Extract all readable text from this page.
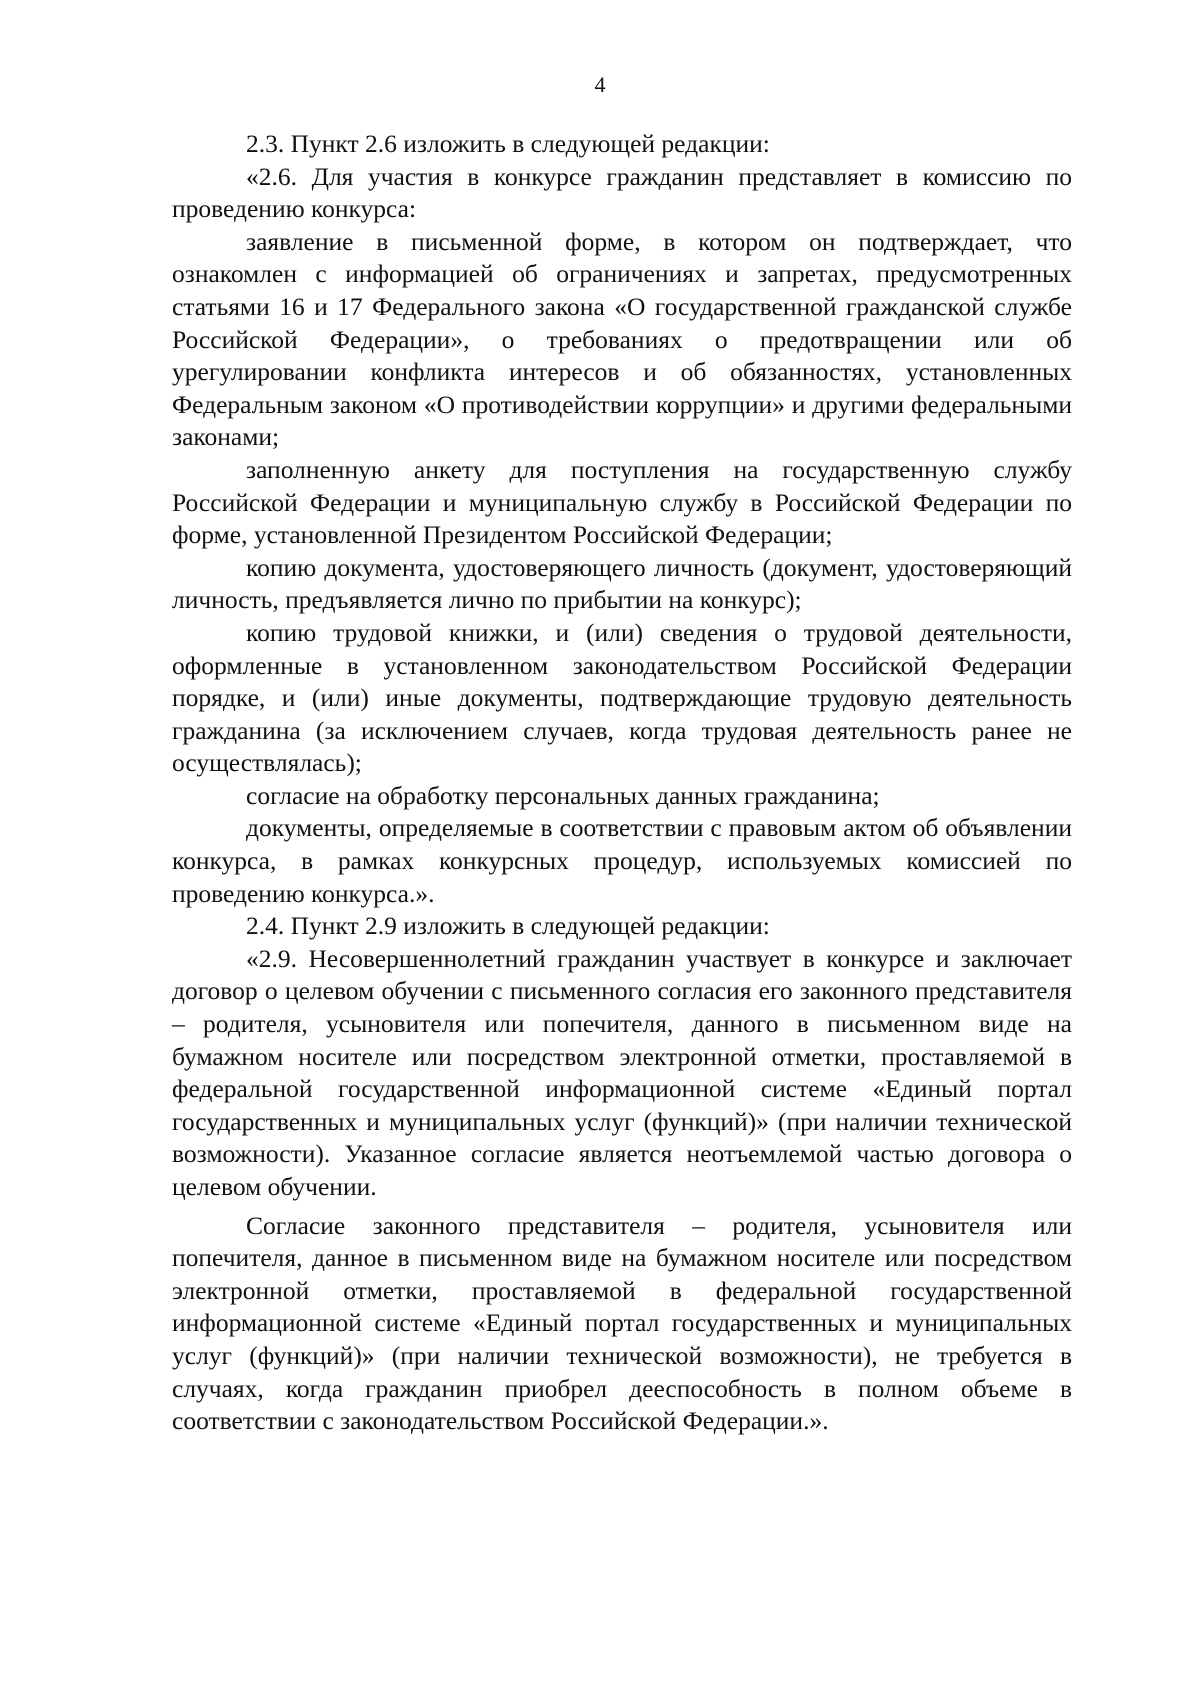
4

2.3. Пункт 2.6 изложить в следующей редакции:

«2.6. Для участия в конкурсе гражданин представляет в комиссию по проведению конкурса:

заявление в письменной форме, в котором он подтверждает, что ознакомлен с информацией об ограничениях и запретах, предусмотренных статьями 16 и 17 Федерального закона «О государственной гражданской службе Российской Федерации», о требованиях о предотвращении или об урегулировании конфликта интересов и об обязанностях, установленных Федеральным законом «О противодействии коррупции» и другими федеральными законами;

заполненную анкету для поступления на государственную службу Российской Федерации и муниципальную службу в Российской Федерации по форме, установленной Президентом Российской Федерации;

копию документа, удостоверяющего личность (документ, удостоверяющий личность, предъявляется лично по прибытии на конкурс);

копию трудовой книжки, и (или) сведения о трудовой деятельности, оформленные в установленном законодательством Российской Федерации порядке, и (или) иные документы, подтверждающие трудовую деятельность гражданина (за исключением случаев, когда трудовая деятельность ранее не осуществлялась);

согласие на обработку персональных данных гражданина;

документы, определяемые в соответствии с правовым актом об объявлении конкурса, в рамках конкурсных процедур, используемых комиссией по проведению конкурса.».

2.4. Пункт 2.9 изложить в следующей редакции:

«2.9. Несовершеннолетний гражданин участвует в конкурсе и заключает договор о целевом обучении с письменного согласия его законного представителя – родителя, усыновителя или попечителя, данного в письменном виде на бумажном носителе или посредством электронной отметки, проставляемой в федеральной государственной информационной системе «Единый портал государственных и муниципальных услуг (функций)» (при наличии технической возможности). Указанное согласие является неотъемлемой частью договора о целевом обучении.

Согласие законного представителя – родителя, усыновителя или попечителя, данное в письменном виде на бумажном носителе или посредством электронной отметки, проставляемой в федеральной государственной информационной системе «Единый портал государственных и муниципальных услуг (функций)» (при наличии технической возможности), не требуется в случаях, когда гражданин приобрел дееспособность в полном объеме в соответствии с законодательством Российской Федерации.».
